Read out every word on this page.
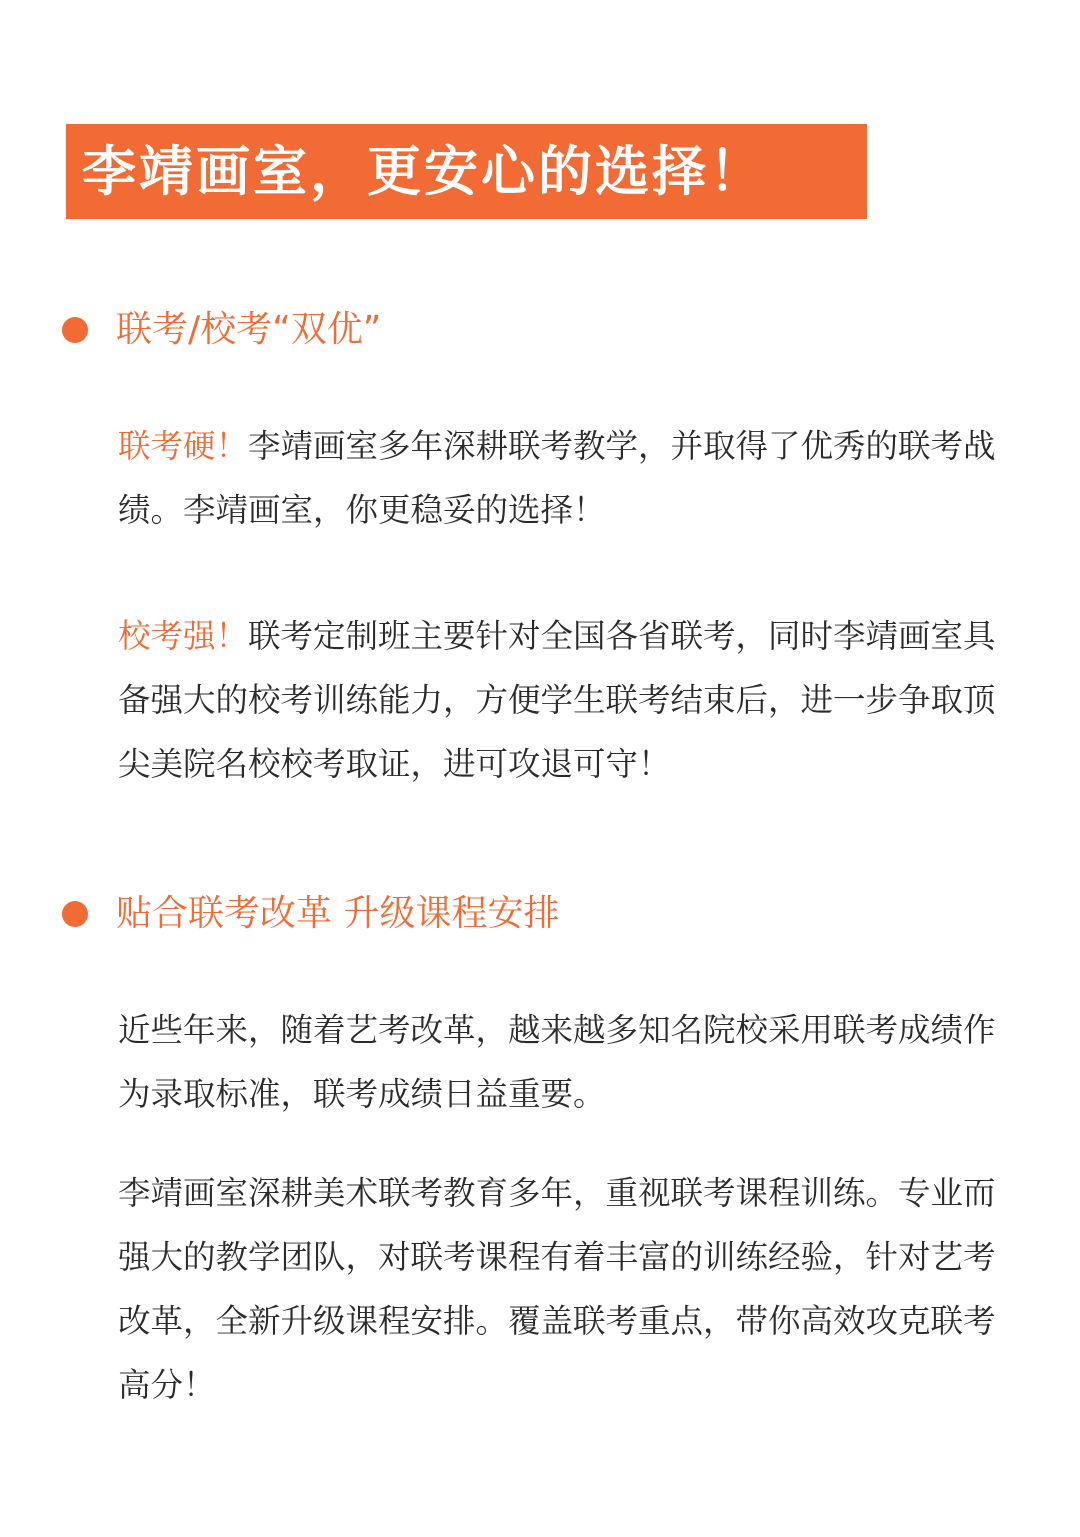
李靖画室，更安心的选择！
联考/校考“双优”

联考硬！李靖画室多年深耕联考教学，并取得了优秀的联考战绩。李靖画室，你更稳妥的选择！

校考强！联考定制班主要针对全国各省联考，同时李靖画室具备强大的校考训练能力，方便学生联考结束后，进一步争取顶尖美院名校校考取证，进可攻退可守！

贴合联考改革 升级课程安排

近些年来，随着艺考改革，越来越多知名院校采用联考成绩作为录取标准，联考成绩日益重要。

李靖画室深耕美术联考教育多年，重视联考课程训练。专业而强大的教学团队，对联考课程有着丰富的训练经验，针对艺考改革，全新升级课程安排。覆盖联考重点，带你高效攻克联考高分！
